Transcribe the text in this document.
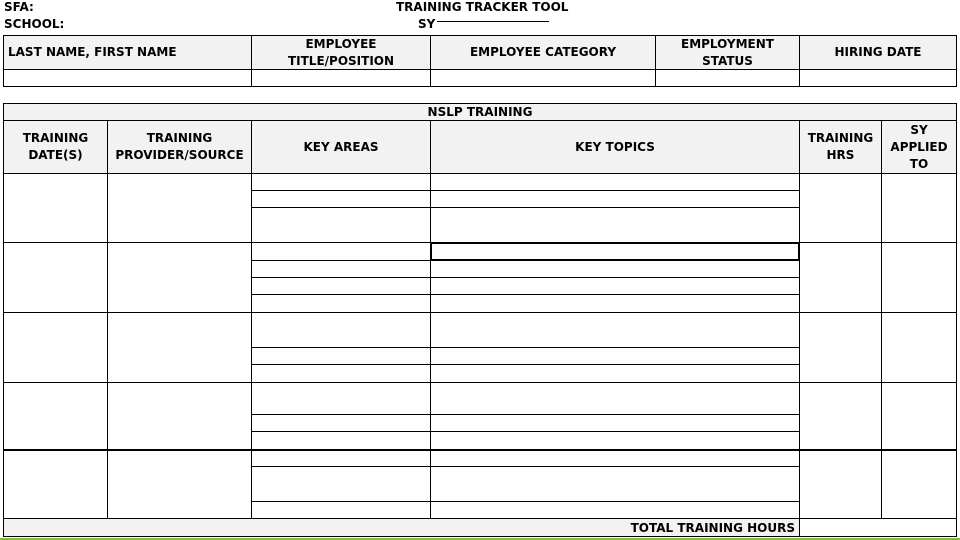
SFA:
SCHOOL:
TRAINING TRACKER TOOL
SY
LAST NAME, FIRST NAME
EMPLOYEE
TITLE/POSITION
EMPLOYEE CATEGORY
EMPLOYMENT
STATUS
HIRING DATE
NSLP TRAINING
TRAINING
DATE(S)
TRAINING
PROVIDER/SOURCE
KEY AREAS	KEY TOPICS
TRAINING
HRS
SY
APPLIED
TO
TOTAL TRAINING HOURS
